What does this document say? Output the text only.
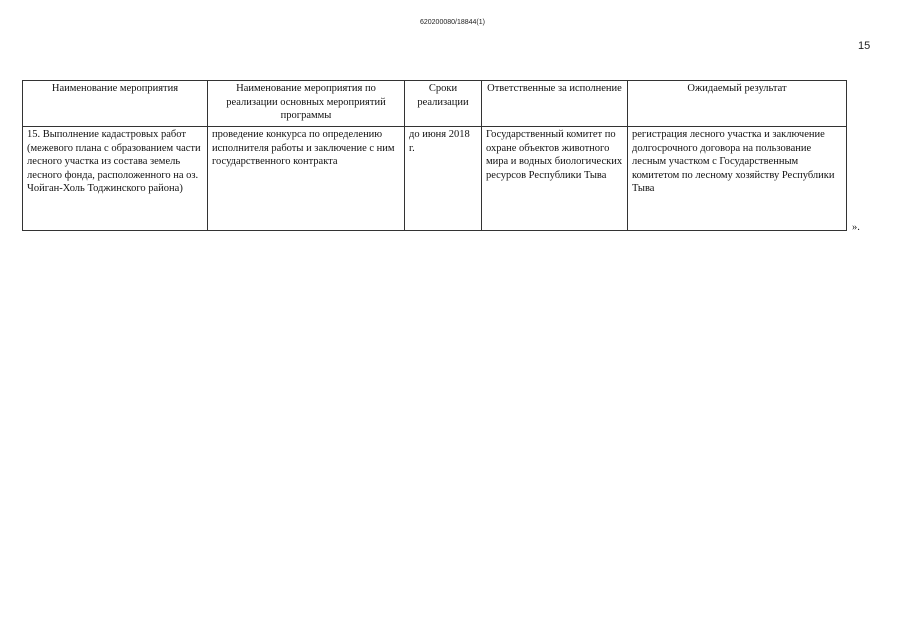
620200080/18844(1)
15
Наименование мероприятия	Наименование мероприятия по реализации основных мероприятий программы	Сроки реализации	Ответственные за исполнение	Ожидаемый результат
15. Выполнение кадастровых работ (межевого плана с образованием части лесного участка из состава земель лесного фонда, расположенного на оз. Чойган-Холь Тоджинского района)	проведение конкурса по определению исполнителя работы и заключение с ним государственного контракта	до июня 2018 г.	Государственный комитет по охране объектов животного мира и водных биологических ресурсов Республики Тыва	регистрация лесного участка и заключение долгосрочного договора на пользование лесным участком с Государственным комитетом по лесному хозяйству Республики Тыва
».
